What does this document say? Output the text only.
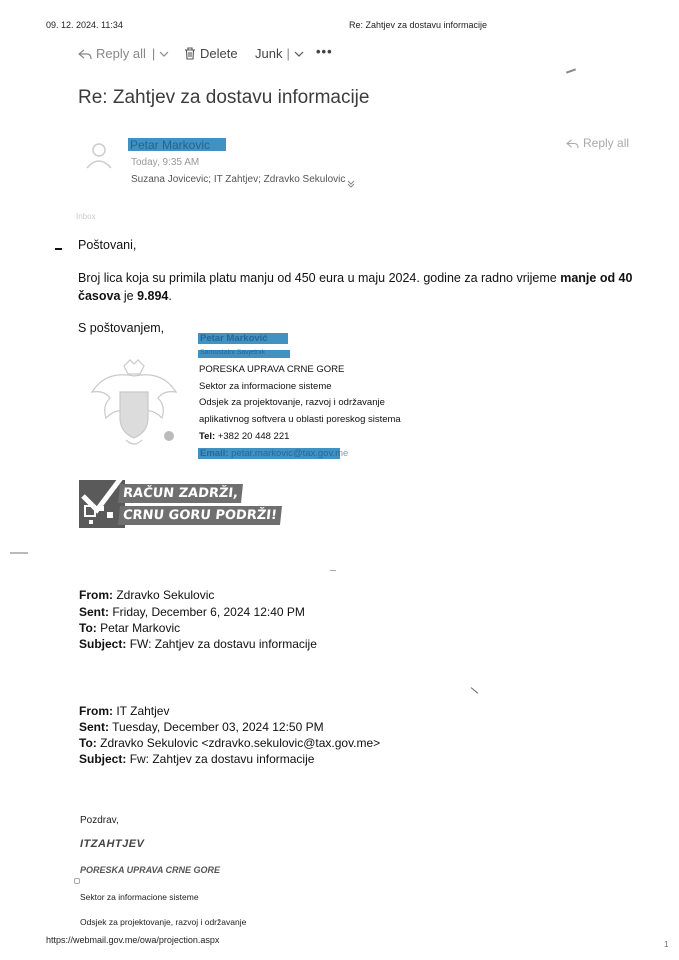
09. 12. 2024. 11:34	Re: Zahtjev za dostavu informacije
Reply all |	Delete Junk | •••
Re: Zahtjev za dostavu informacije
Petar Markovic
Today, 9:35 AM
Suzana Jovicevic; IT Zahtjev; Zdravko Sekulovic
Reply all
Inbox
Poštovani,
Broj lica koja su primila platu manju od 450 eura u maju 2024. godine za radno vrijeme manje od 40
časova je 9.894.
S poštovanjem,
Petar Marković
Samostalni Savjetnik
PORESKA UPRAVA CRNE GORE
Sektor za informacione sisteme
Odsjek za projektovanje, razvoj i održavanje
aplikativnog softvera u oblasti poreskog sistema
Tel: +382 20 448 221
Email: petar.markovic@tax.gov.me
RAČUN ZADRŽI,
CRNU GORU PODRŽI!
From: Zdravko Sekulovic
Sent: Friday, December 6, 2024 12:40 PM
To: Petar Markovic
Subject: FW: Zahtjev za dostavu informacije
From: IT Zahtjev
Sent: Tuesday, December 03, 2024 12:50 PM
To: Zdravko Sekulovic <zdravko.sekulovic@tax.gov.me>
Subject: Fw: Zahtjev za dostavu informacije
Pozdrav,
ITZAHTJEV
PORESKA UPRAVA CRNE GORE
Sektor za informacione sisteme
Odsjek za projektovanje, razvoj i održavanje
https://webmail.gov.me/owa/projection.aspx	1
